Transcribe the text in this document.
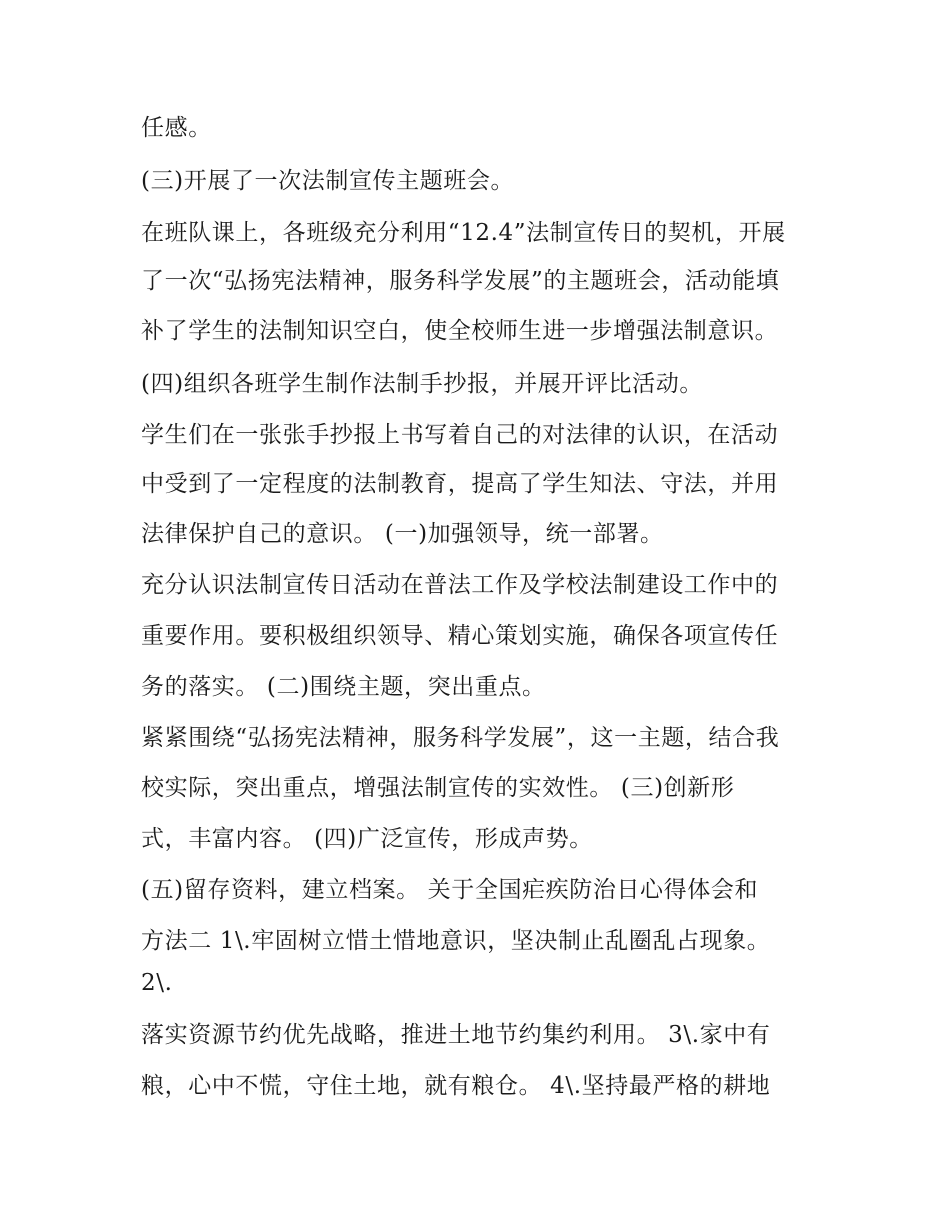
任感。
(三)开展了一次法制宣传主题班会。
在班队课上，各班级充分利用“12.4”法制宣传日的契机，开展
了一次“弘扬宪法精神，服务科学发展”的主题班会，活动能填
补了学生的法制知识空白，使全校师生进一步增强法制意识。
(四)组织各班学生制作法制手抄报，并展开评比活动。
学生们在一张张手抄报上书写着自己的对法律的认识，在活动
中受到了一定程度的法制教育，提高了学生知法、守法，并用
法律保护自己的意识。 (一)加强领导，统一部署。
充分认识法制宣传日活动在普法工作及学校法制建设工作中的
重要作用。要积极组织领导、精心策划实施，确保各项宣传任
务的落实。 (二)围绕主题，突出重点。
紧紧围绕“弘扬宪法精神，服务科学发展”，这一主题，结合我
校实际，突出重点，增强法制宣传的实效性。 (三)创新形
式，丰富内容。 (四)广泛宣传，形成声势。
(五)留存资料，建立档案。 关于全国疟疾防治日心得体会和
方法二 1\.牢固树立惜土惜地意识，坚决制止乱圈乱占现象。
2\.
落实资源节约优先战略，推进土地节约集约利用。 3\.家中有
粮，心中不慌，守住土地，就有粮仓。 4\.坚持最严格的耕地
